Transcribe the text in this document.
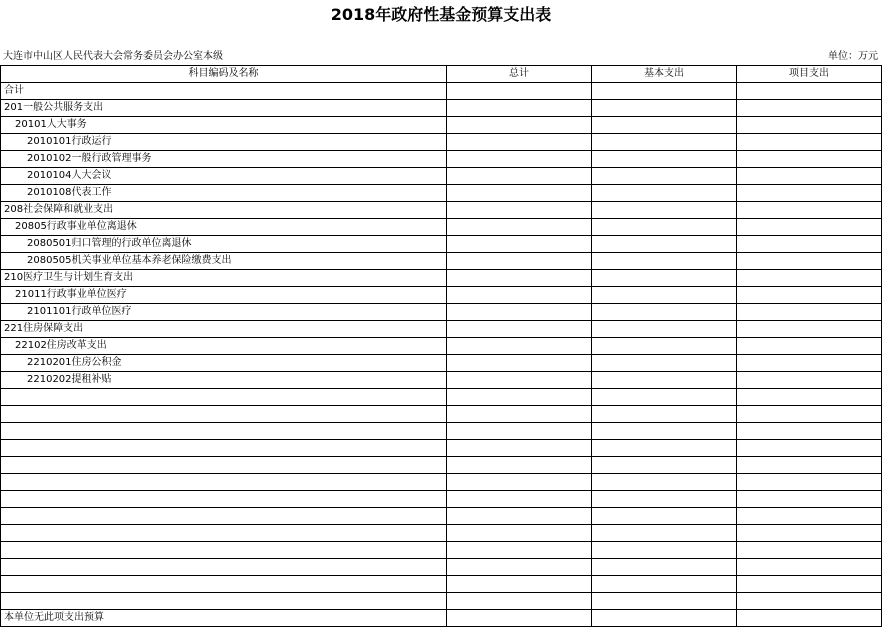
2018年政府性基金预算支出表
大连市中山区人民代表大会常务委员会办公室本级	单位：万元
科目编码及名称	总计	基本支出	项目支出
合计			
201一般公共服务支出			
20101人大事务			
2010101行政运行			
2010102一般行政管理事务			
2010104人大会议			
2010108代表工作			
208社会保障和就业支出			
20805行政事业单位离退休			
2080501归口管理的行政单位离退休			
2080505机关事业单位基本养老保险缴费支出			
210医疗卫生与计划生育支出			
21011行政事业单位医疗			
2101101行政单位医疗			
221住房保障支出			
22102住房改革支出			
2210201住房公积金			
2210202提租补贴			

本单位无此项支出预算			
